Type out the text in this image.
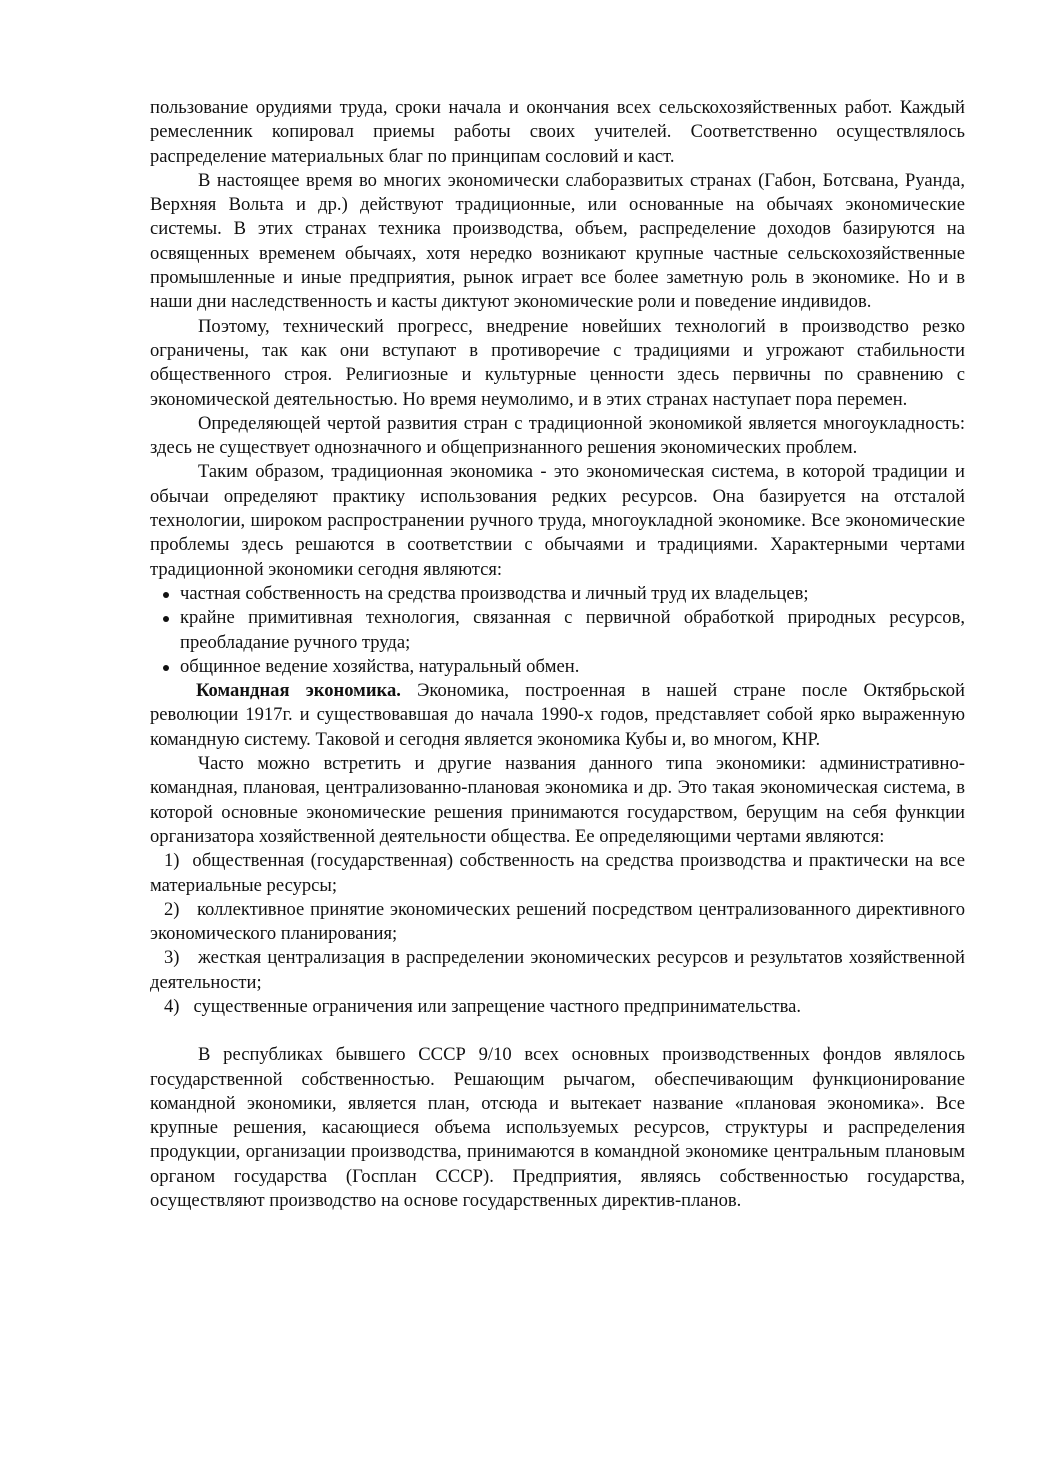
пользование орудиями труда, сроки начала и окончания всех сельскохозяйственных работ. Каждый ремесленник копировал приемы работы своих учителей. Соответственно осуществлялось распределение материальных благ по принципам сословий и каст.

В настоящее время во многих экономически слаборазвитых странах (Габон, Ботсвана, Руанда, Верхняя Вольта и др.) действуют традиционные, или основанные на обычаях экономические системы. В этих странах техника производства, объем, распределение доходов базируются на освященных временем обычаях, хотя нередко возникают крупные частные сельскохозяйственные промышленные и иные предприятия, рынок играет все более заметную роль в экономике. Но и в наши дни наследственность и касты диктуют экономические роли и поведение индивидов.

Поэтому, технический прогресс, внедрение новейших технологий в производство резко ограничены, так как они вступают в противоречие с традициями и угрожают стабильности общественного строя. Религиозные и культурные ценности здесь первичны по сравнению с экономической деятельностью. Но время неумолимо, и в этих странах наступает пора перемен.

Определяющей чертой развития стран с традиционной экономикой является многоукладность: здесь не существует однозначного и общепризнанного решения экономических проблем.

Таким образом, традиционная экономика - это экономическая система, в которой традиции и обычаи определяют практику использования редких ресурсов. Она базируется на отсталой технологии, широком распространении ручного труда, многоукладной экономике. Все экономические проблемы здесь решаются в соответствии с обычаями и традициями. Характерными чертами традиционной экономики сегодня являются:

частная собственность на средства производства и личный труд их владельцев;
крайне примитивная технология, связанная с первичной обработкой природных ресурсов, преобладание ручного труда;
общинное ведение хозяйства, натуральный обмен.

Командная экономика. Экономика, построенная в нашей стране после Октябрьской революции 1917г. и существовавшая до начала 1990-х годов, представляет собой ярко выраженную командную систему. Таковой и сегодня является экономика Кубы и, во многом, КНР.

Часто можно встретить и другие названия данного типа экономики: административно-командная, плановая, централизованно-плановая экономика и др. Это такая экономическая система, в которой основные экономические решения принимаются государством, берущим на себя функции организатора хозяйственной деятельности общества. Ее определяющими чертами являются:

1) общественная (государственная) собственность на средства производства и практически на все материальные ресурсы;
2) коллективное принятие экономических решений посредством централизованного директивного экономического планирования;
3) жесткая централизация в распределении экономических ресурсов и результатов хозяйственной деятельности;
4) существенные ограничения или запрещение частного предпринимательства.

В республиках бывшего СССР 9/10 всех основных производственных фондов являлось государственной собственностью. Решающим рычагом, обеспечивающим функционирование командной экономики, является план, отсюда и вытекает название «плановая экономика». Все крупные решения, касающиеся объема используемых ресурсов, структуры и распределения продукции, организации производства, принимаются в командной экономике центральным плановым органом государства (Госплан СССР). Предприятия, являясь собственностью государства, осуществляют производство на основе государственных директив-планов.
